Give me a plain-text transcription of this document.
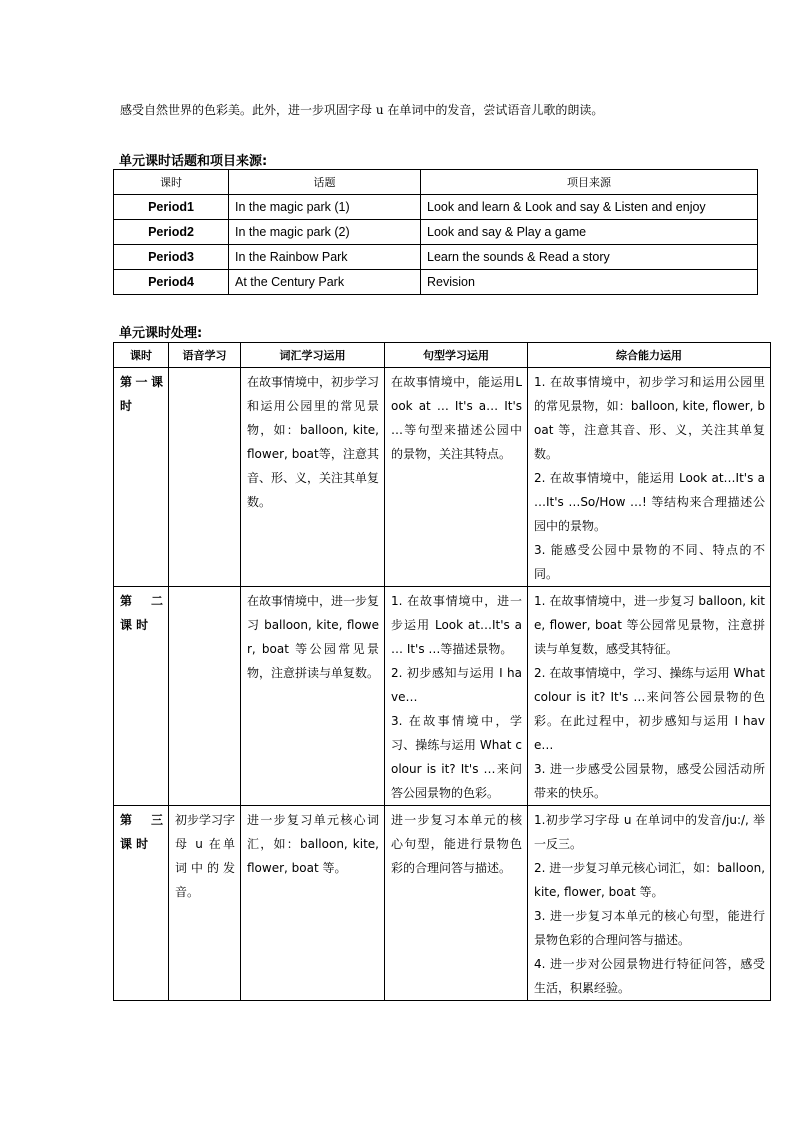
感受自然世界的色彩美。此外，进一步巩固字母 u 在单词中的发音，尝试语音儿歌的朗读。
单元课时话题和项目来源:
课时	话题	项目来源
Period1	In the magic park (1)	Look and learn & Look and say & Listen and enjoy
Period2	In the magic park (2)	Look and say & Play a game
Period3	In the Rainbow Park	Learn the sounds & Read a story
Period4	At the Century Park	Revision
单元课时处理:
课时	语音学习	词汇学习运用	句型学习运用	综合能力运用
第一课时		在故事情境中，初步学习和运用公园里的常见景物，如：balloon, kite, flower, boat等，注意其音、形、义，关注其单复数。	在故事情境中，能运用Look at … It's a… It's …等句型来描述公园中的景物，关注其特点。	1. 在故事情境中，初步学习和运用公园里的常见景物，如：balloon, kite, flower, boat 等，注意其音、形、义，关注其单复数。
2. 在故事情境中，能运用 Look at…It's a …It's …So/How …! 等结构来合理描述公园中的景物。
3. 能感受公园中景物的不同、特点的不同。

第 二 课 时		在故事情境中，进一步复习 balloon, kite, flower, boat 等公园常见景物，注意拼读与单复数。	1. 在故事情境中，进一步运用 Look at…It's a … It's …等描述景物。
2. 初步感知与运用 I have…
3. 在故事情境中，学习、操练与运用 What colour is it? It's …来问答公园景物的色彩。	1. 在故事情境中，进一步复习 balloon, kite, flower, boat 等公园常见景物，注意拼读与单复数，感受其特征。
2. 在故事情境中，学习、操练与运用 What colour is it? It's …来问答公园景物的色彩。在此过程中，初步感知与运用 I have…
3. 进一步感受公园景物，感受公园活动所带来的快乐。

第 三 课 时	初步学习字母 u 在单词中的发音。	进一步复习单元核心词汇，如：balloon, kite, flower, boat 等。	进一步复习本单元的核心句型，能进行景物色彩的合理问答与描述。	1.初步学习字母 u 在单词中的发音/ju:/, 举一反三。
2. 进一步复习单元核心词汇，如：balloon, kite, flower, boat 等。
3. 进一步复习本单元的核心句型，能进行景物色彩的合理问答与描述。
4. 进一步对公园景物进行特征问答，感受生活，积累经验。
